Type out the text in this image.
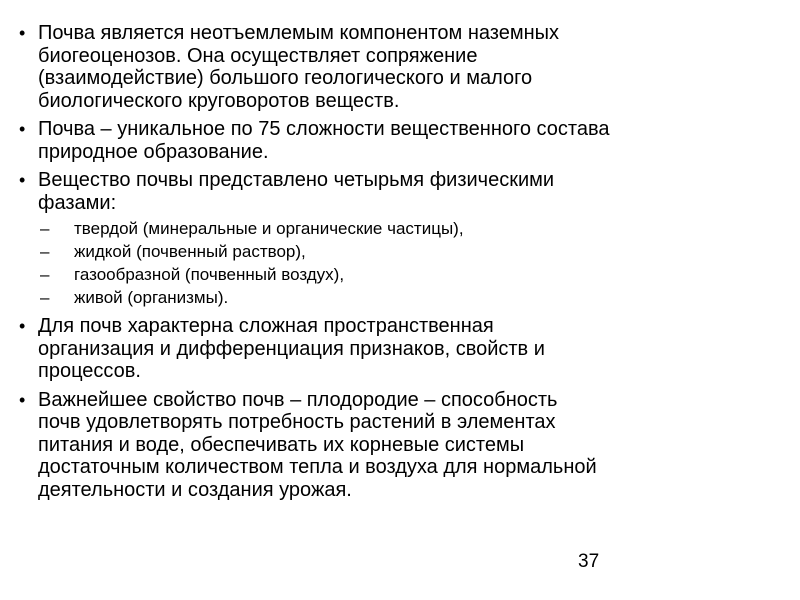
• Почва является неотъемлемым компонентом наземных
биогеоценозов. Она осуществляет сопряжение
(взаимодействие) большого геологического и малого
биологического круговоротов веществ.
• Почва – уникальное по 75 сложности вещественного состава
природное образование.
• Вещество почвы представлено четырьмя физическими
фазами:
– твердой (минеральные и органические частицы),
– жидкой (почвенный раствор),
– газообразной (почвенный воздух),
– живой (организмы).
• Для почв характерна сложная пространственная
организация и дифференциация признаков, свойств и
процессов.
• Важнейшее свойство почв – плодородие – способность
почв удовлетворять потребность растений в элементах
питания и воде, обеспечивать их корневые системы
достаточным количеством тепла и воздуха для нормальной
деятельности и создания урожая.
37
